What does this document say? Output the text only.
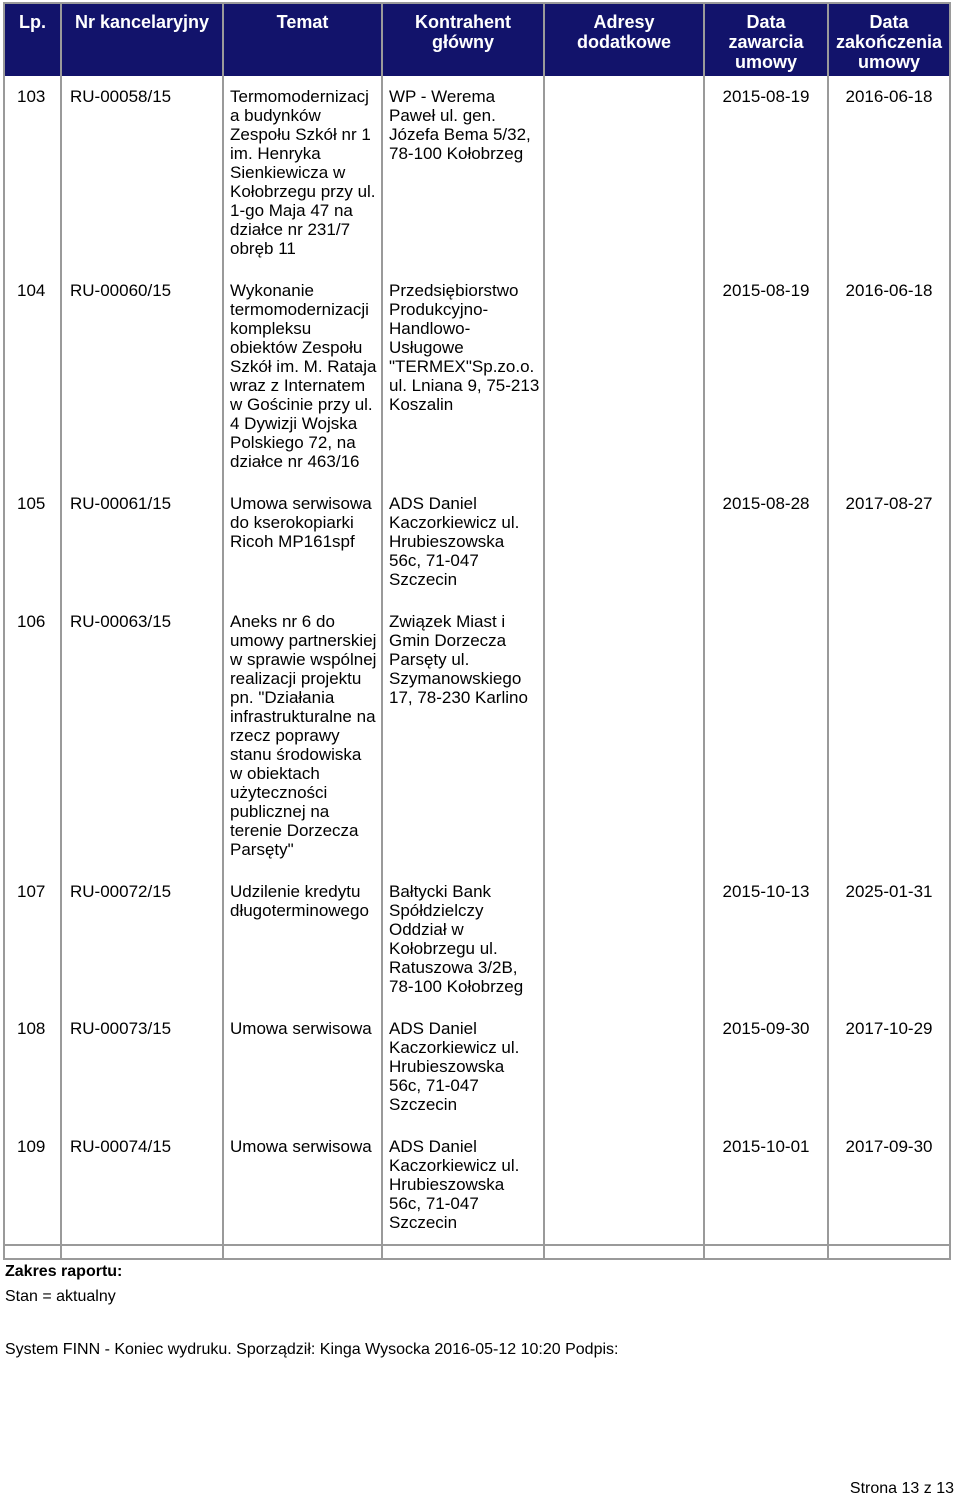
Lp.	Nr kancelaryjny	Temat	Kontrahent główny	Adresy dodatkowe	Data zawarcia umowy	Data zakończenia umowy
103	RU-00058/15	Termomodernizacja budynków Zespołu Szkół nr 1 im. Henryka Sienkiewicza w Kołobrzegu przy ul. 1-go Maja 47 na działce nr 231/7 obręb 11	WP - Werema Paweł ul. gen. Józefa Bema 5/32, 78-100 Kołobrzeg		2015-08-19	2016-06-18
104	RU-00060/15	Wykonanie termomodernizacji kompleksu obiektów Zespołu Szkół im. M. Rataja wraz z Internatem w Gościnie przy ul. 4 Dywizji Wojska Polskiego 72, na działce nr 463/16	Przedsiębiorstwo Produkcyjno-Handlowo-Usługowe "TERMEX"Sp.zo.o. ul. Lniana 9, 75-213 Koszalin		2015-08-19	2016-06-18
105	RU-00061/15	Umowa serwisowa do kserokopiarki Ricoh MP161spf	ADS Daniel Kaczorkiewicz ul. Hrubieszowska 56c, 71-047 Szczecin		2015-08-28	2017-08-27
106	RU-00063/15	Aneks nr 6 do umowy partnerskiej w sprawie wspólnej realizacji projektu pn. "Działania infrastrukturalne na rzecz poprawy stanu środowiska w obiektach użyteczności publicznej na terenie Dorzecza Parsęty"	Związek Miast i Gmin Dorzecza Parsęty ul. Szymanowskiego 17, 78-230 Karlino			
107	RU-00072/15	Udzilenie kredytu długoterminowego	Bałtycki Bank Spółdzielczy Oddział w Kołobrzegu ul. Ratuszowa 3/2B, 78-100 Kołobrzeg		2015-10-13	2025-01-31
108	RU-00073/15	Umowa serwisowa	ADS Daniel Kaczorkiewicz ul. Hrubieszowska 56c, 71-047 Szczecin		2015-09-30	2017-10-29
109	RU-00074/15	Umowa serwisowa	ADS Daniel Kaczorkiewicz ul. Hrubieszowska 56c, 71-047 Szczecin		2015-10-01	2017-09-30

Zakres raportu:
Stan = aktualny
System FINN - Koniec wydruku. Sporządził: Kinga Wysocka 2016-05-12 10:20 Podpis:
Strona 13 z 13
